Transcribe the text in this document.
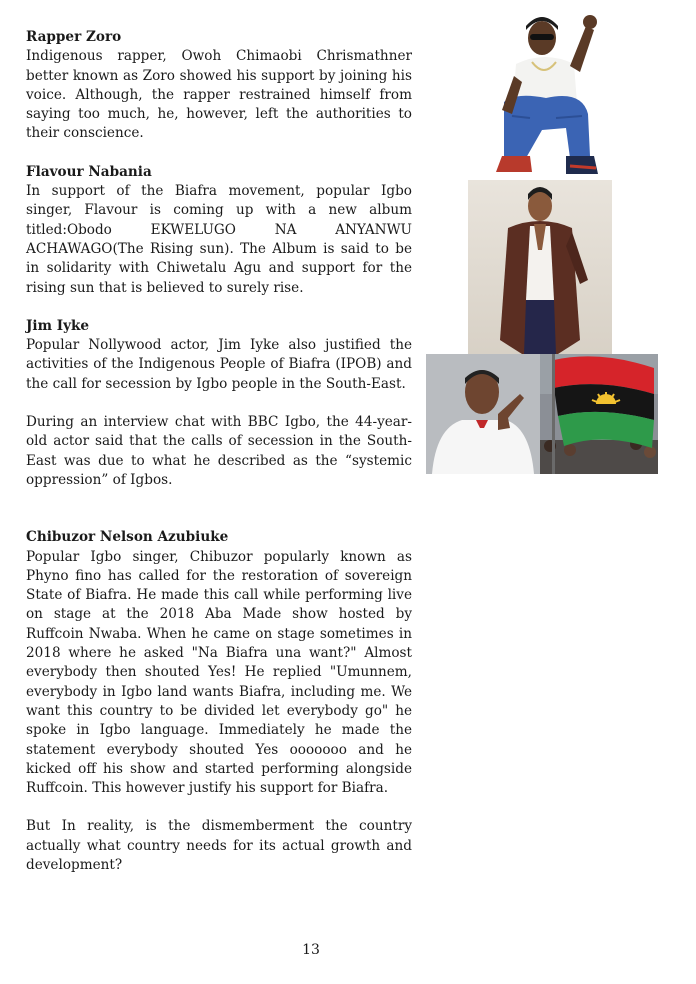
Rapper Zoro

Indigenous rapper, Owoh Chimaobi Chrismathner better known as Zoro showed his support by joining his voice. Although, the rapper restrained himself from saying too much, he, however, left the authorities to their conscience.

Flavour Nabania

In support of the Biafra movement, popular Igbo singer, Flavour is coming up with a new album titled:Obodo EKWELUGO NA ANYANWU ACHAWAGO(The Rising sun). The Album is said to be in solidarity with Chiwetalu Agu and support for the rising sun that is believed to surely rise.

Jim Iyke

Popular Nollywood actor, Jim Iyke also justified the activities of the Indigenous People of Biafra (IPOB) and the call for secession by Igbo people in the South-East.

During an interview chat with BBC Igbo, the 44-year-old actor said that the calls of secession in the South-East was due to what he described as the “systemic oppression” of Igbos.

Chibuzor Nelson Azubiuke

Popular Igbo singer, Chibuzor popularly known as Phyno fino has called for the restoration of sovereign State of Biafra. He made this call while performing live on stage at the 2018 Aba Made show hosted by Ruffcoin Nwaba. When he came on stage sometimes in 2018 where he asked "Na Biafra una want?" Almost everybody then shouted Yes! He replied "Umunnem, everybody in Igbo land wants Biafra, including me. We want this country to be divided let everybody go" he spoke in Igbo language. Immediately he made the statement everybody shouted Yes ooooooo and he kicked off his show and started performing alongside Ruffcoin. This however justify his support for Biafra.

But In reality, is the dismemberment the country actually what country needs for its actual growth and development?

13
